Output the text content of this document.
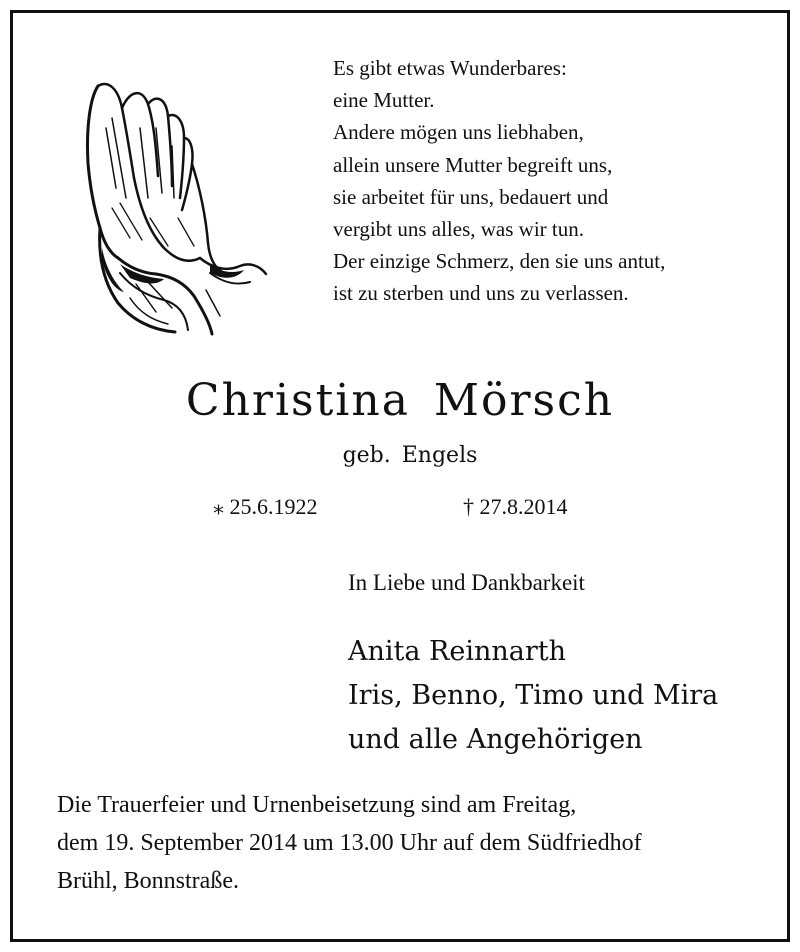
Es gibt etwas Wunderbares:
eine Mutter.
Andere mögen uns liebhaben,
allein unsere Mutter begreift uns,
sie arbeitet für uns, bedauert und
vergibt uns alles, was wir tun.
Der einzige Schmerz, den sie uns antut,
ist zu sterben und uns zu verlassen.
Christina Mörsch
geb. Engels
⁎ 25.6.1922	† 27.8.2014
In Liebe und Dankbarkeit
Anita Reinnarth
Iris, Benno, Timo und Mira
und alle Angehörigen
Die Trauerfeier und Urnenbeisetzung sind am Freitag,
dem 19. September 2014 um 13.00 Uhr auf dem Südfriedhof
Brühl, Bonnstraße.
